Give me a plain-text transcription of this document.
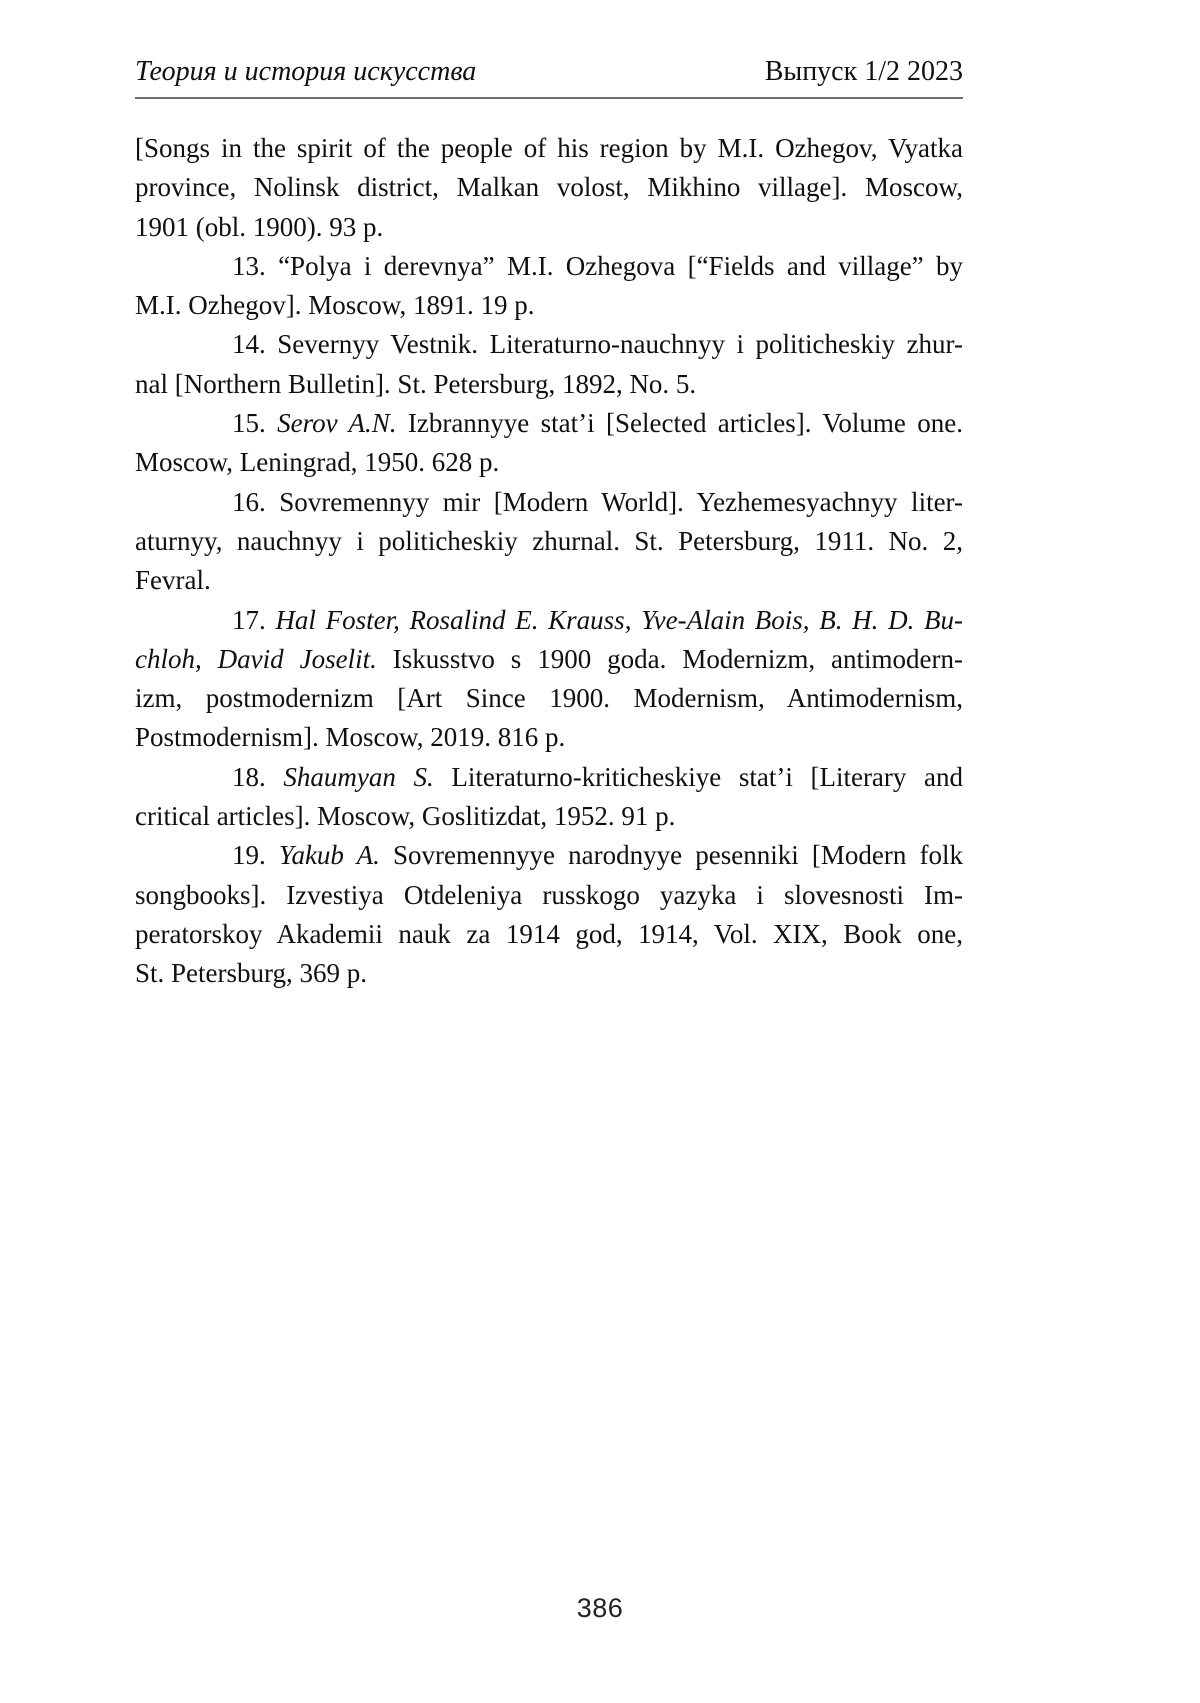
Теория и история искусства	Выпуск 1/2 2023
[Songs in the spirit of the people of his region by M.I. Ozhegov, Vyatka
province, Nolinsk district, Malkan volost, Mikhino village]. Moscow,
1901 (obl. 1900). 93 p.
13. “Polya i derevnya” M.I. Ozhegova [“Fields and village” by
M.I. Ozhegov]. Moscow, 1891. 19 p.
14. Severnyy Vestnik. Literaturno-nauchnyy i politicheskiy zhur-
nal [Northern Bulletin]. St. Petersburg, 1892, No. 5.
15. Serov A.N. Izbrannyye stat’i [Selected articles]. Volume one.
Moscow, Leningrad, 1950. 628 p.
16. Sovremennyy mir [Modern World]. Yezhemesyachnyy liter-
aturnyy, nauchnyy i politicheskiy zhurnal. St. Petersburg, 1911. No. 2,
Fevral.
17. Hal Foster, Rosalind E. Krauss, Yve-Alain Bois, B. H. D. Bu-
chloh, David Joselit. Iskusstvo s 1900 goda. Modernizm, antimodern-
izm, postmodernizm [Art Since 1900. Modernism, Antimodernism,
Postmodernism]. Moscow, 2019. 816 p.
18. Shaumyan S. Literaturno-kriticheskiye stat’i [Literary and
critical articles]. Moscow, Goslitizdat, 1952. 91 p.
19. Yakub A. Sovremennyye narodnyye pesenniki [Modern folk
songbooks]. Izvestiya Otdeleniya russkogo yazyka i slovesnosti Im-
peratorskoy Akademii nauk za 1914 god, 1914, Vol. XIX, Book one,
St. Petersburg, 369 p.
386
